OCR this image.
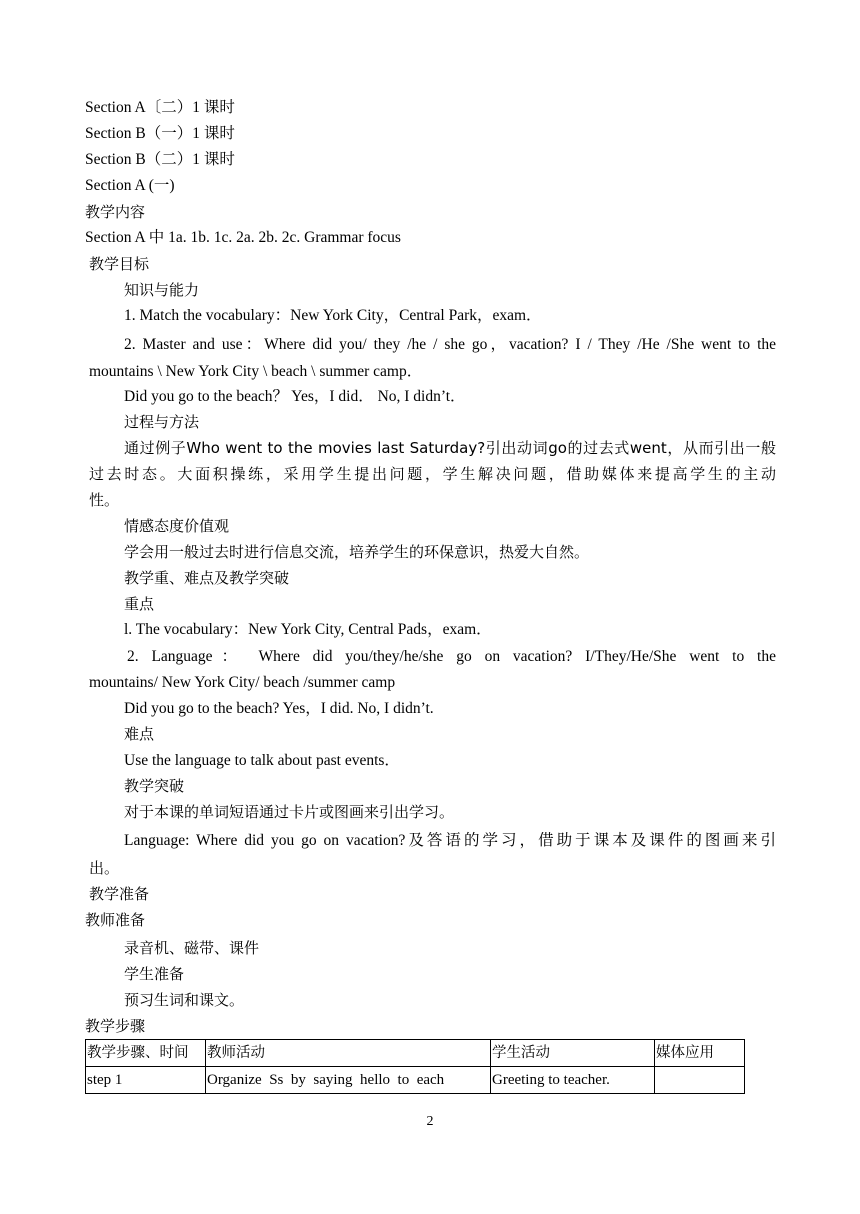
Section A〔二）1 课时
Section B（一）1 课时
Section B（二）1 课时
Section A (一)
教学内容
Section A 中 1a. 1b. 1c. 2a. 2b. 2c. Grammar focus
教学目标
知识与能力
1. Match the vocabulary：New York City，Central Park，exam．
2. Master and use：Where did you/ they /he / she go，vacation? I / They /He /She went to the
mountains \ New York City \ beach \ summer camp．
Did you go to the beach？ Yes，I did． No, I didn’t．
过程与方法
通过例子Who went to the movies last Saturday?引出动词go的过去式went，从而引出一般
过去时态。大面积操练，采用学生提出问题，学生解决问题，借助媒体来提高学生的主动
性。
情感态度价值观
学会用一般过去时进行信息交流，培养学生的环保意识，热爱大自然。
教学重、难点及教学突破
重点
l. The vocabulary：New York City, Central Pads，exam．
2. Language： Where did you/they/he/she go on vacation? I/They/He/She went to the
mountains/ New York City/ beach /summer camp
Did you go to the beach? Yes，I did. No, I didn’t.
难点
Use the language to talk about past events．
教学突破
对于本课的单词短语通过卡片或图画来引出学习。
Language: Where did you go on vacation?及答语的学习，借助于课本及课件的图画来引
出。
教学准备
教师准备
录音机、磁带、课件
学生准备
预习生词和课文。
教学步骤
教学步骤、时间	教师活动	学生活动	媒体应用
step 1	Organize  Ss  by  saying  hello  to  each	Greeting to teacher.	
2
